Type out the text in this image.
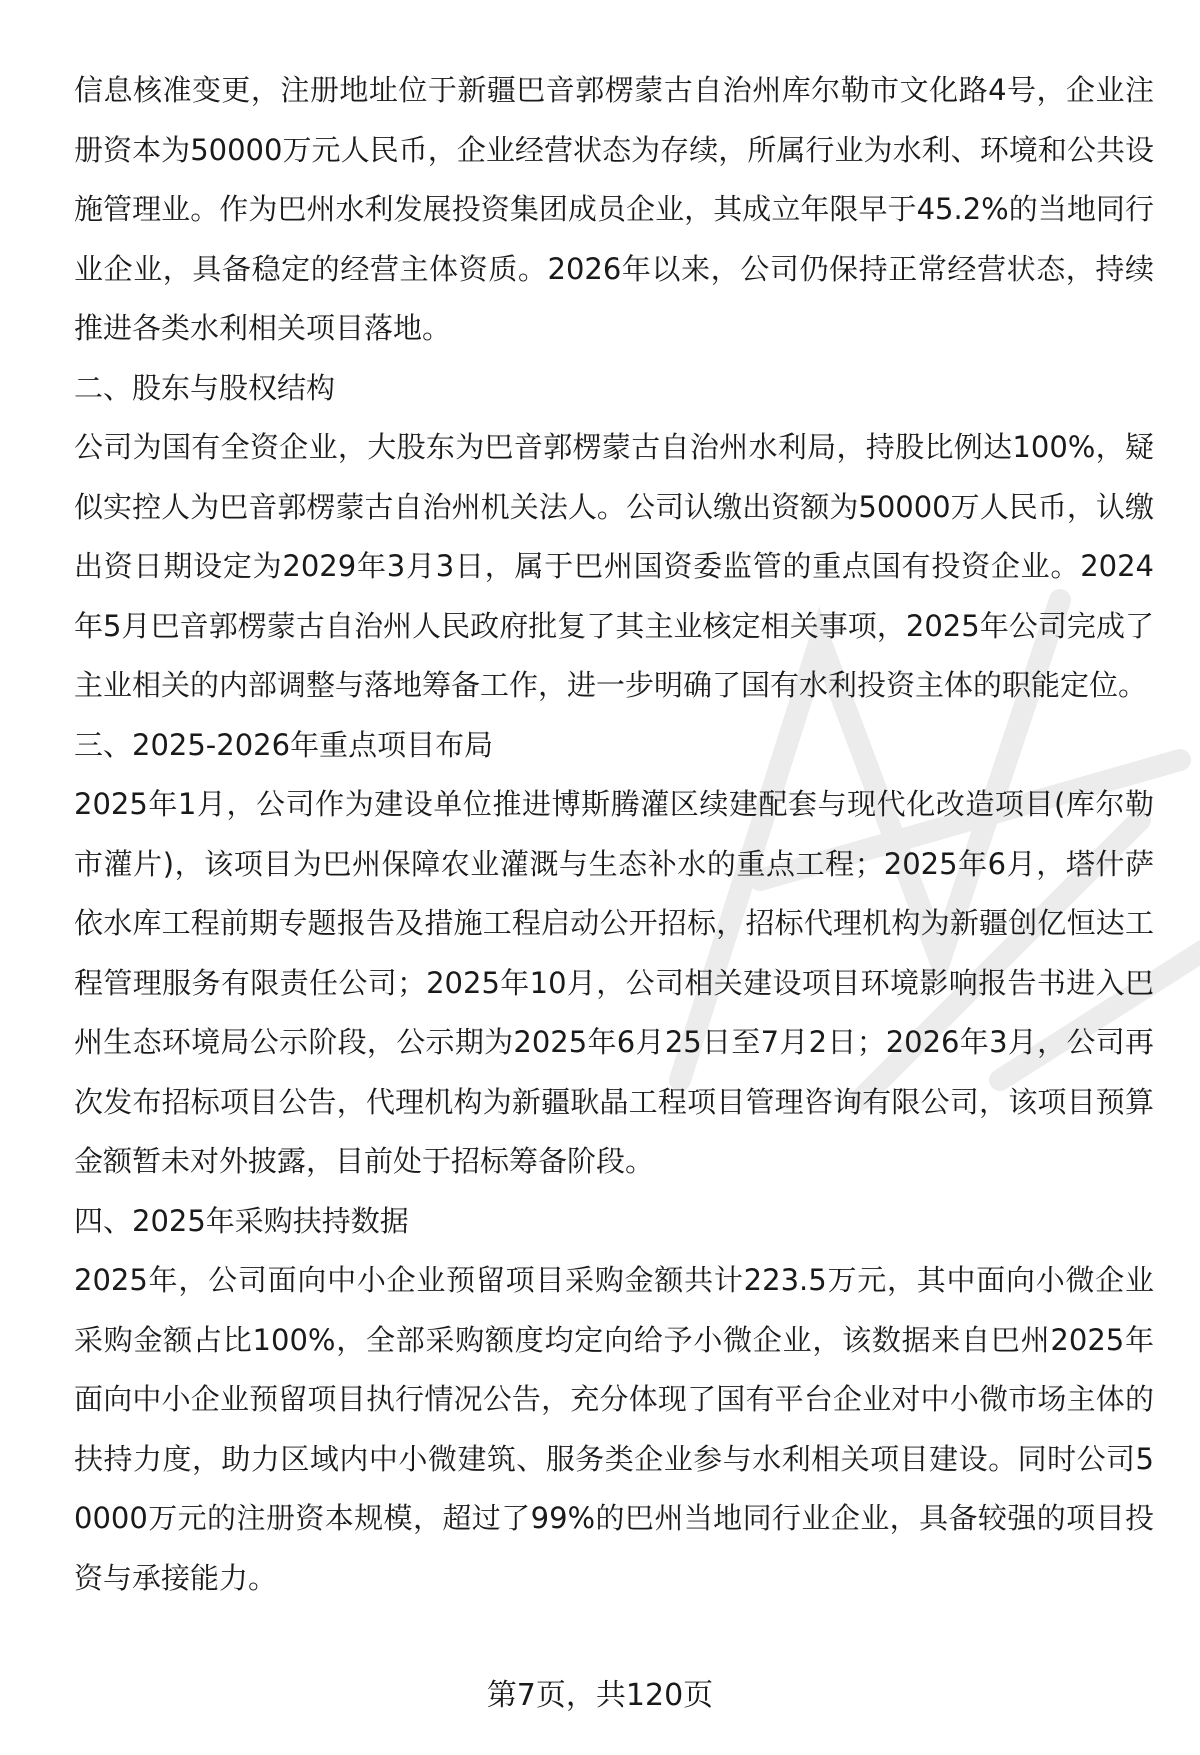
信息核准变更，注册地址位于新疆巴音郭楞蒙古自治州库尔勒市文化路4号，企业注册资本为50000万元人民币，企业经营状态为存续，所属行业为水利、环境和公共设施管理业。作为巴州水利发展投资集团成员企业，其成立年限早于45.2%的当地同行业企业，具备稳定的经营主体资质。2026年以来，公司仍保持正常经营状态，持续推进各类水利相关项目落地。

二、股东与股权结构

公司为国有全资企业，大股东为巴音郭楞蒙古自治州水利局，持股比例达100%，疑似实控人为巴音郭楞蒙古自治州机关法人。公司认缴出资额为50000万人民币，认缴出资日期设定为2029年3月3日，属于巴州国资委监管的重点国有投资企业。2024年5月巴音郭楞蒙古自治州人民政府批复了其主业核定相关事项，2025年公司完成了主业相关的内部调整与落地筹备工作，进一步明确了国有水利投资主体的职能定位。

三、2025-2026年重点项目布局

2025年1月，公司作为建设单位推进博斯腾灌区续建配套与现代化改造项目(库尔勒市灌片)，该项目为巴州保障农业灌溉与生态补水的重点工程；2025年6月，塔什萨依水库工程前期专题报告及措施工程启动公开招标，招标代理机构为新疆创亿恒达工程管理服务有限责任公司；2025年10月，公司相关建设项目环境影响报告书进入巴州生态环境局公示阶段，公示期为2025年6月25日至7月2日；2026年3月，公司再次发布招标项目公告，代理机构为新疆耿晶工程项目管理咨询有限公司，该项目预算金额暂未对外披露，目前处于招标筹备阶段。

四、2025年采购扶持数据

2025年，公司面向中小企业预留项目采购金额共计223.5万元，其中面向小微企业采购金额占比100%，全部采购额度均定向给予小微企业，该数据来自巴州2025年面向中小企业预留项目执行情况公告，充分体现了国有平台企业对中小微市场主体的扶持力度，助力区域内中小微建筑、服务类企业参与水利相关项目建设。同时公司50000万元的注册资本规模，超过了99%的巴州当地同行业企业，具备较强的项目投资与承接能力。

第7页，共120页
